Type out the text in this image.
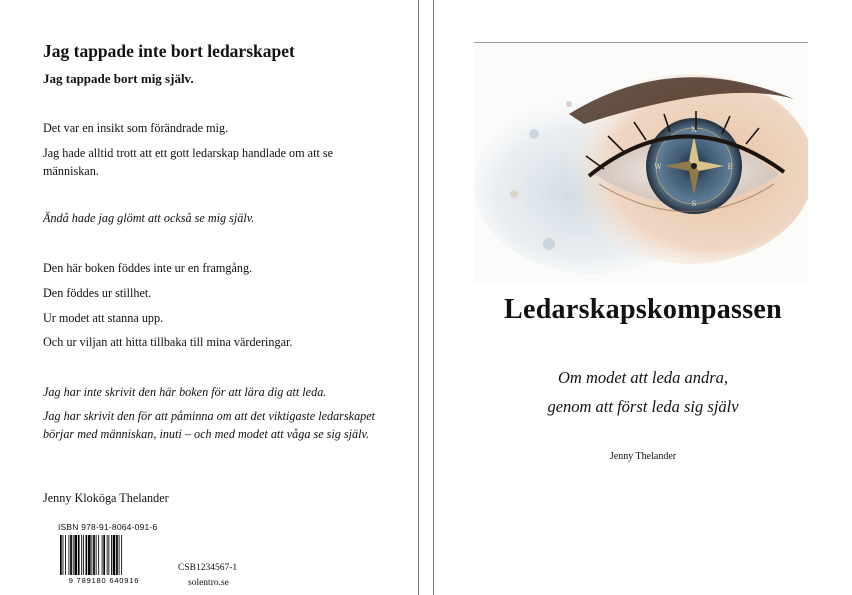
Jag tappade inte bort ledarskapet
Jag tappade bort mig själv.

Det var en insikt som förändrade mig.

Jag hade alltid trott att ett gott ledarskap handlade om att se människan.

Ändå hade jag glömt att också se mig själv.

Den här boken föddes inte ur en framgång.

Den föddes ur stillhet.

Ur modet att stanna upp.

Och ur viljan att hitta tillbaka till mina värderingar.

Jag har inte skrivit den här boken för att lära dig att leda.

Jag har skrivit den för att påminna om att det viktigaste ledarskapet börjar med människan, inuti – och med modet att våga se sig själv.

Jenny Kloköga Thelander

ISBN 978-91-8064-091-6
9 789180 640916
CSB1234567-1
solentro.se
N
E
S
W
Ledarskapskompassen

Om modet att leda andra,

genom att först leda sig själv

Jenny Thelander
